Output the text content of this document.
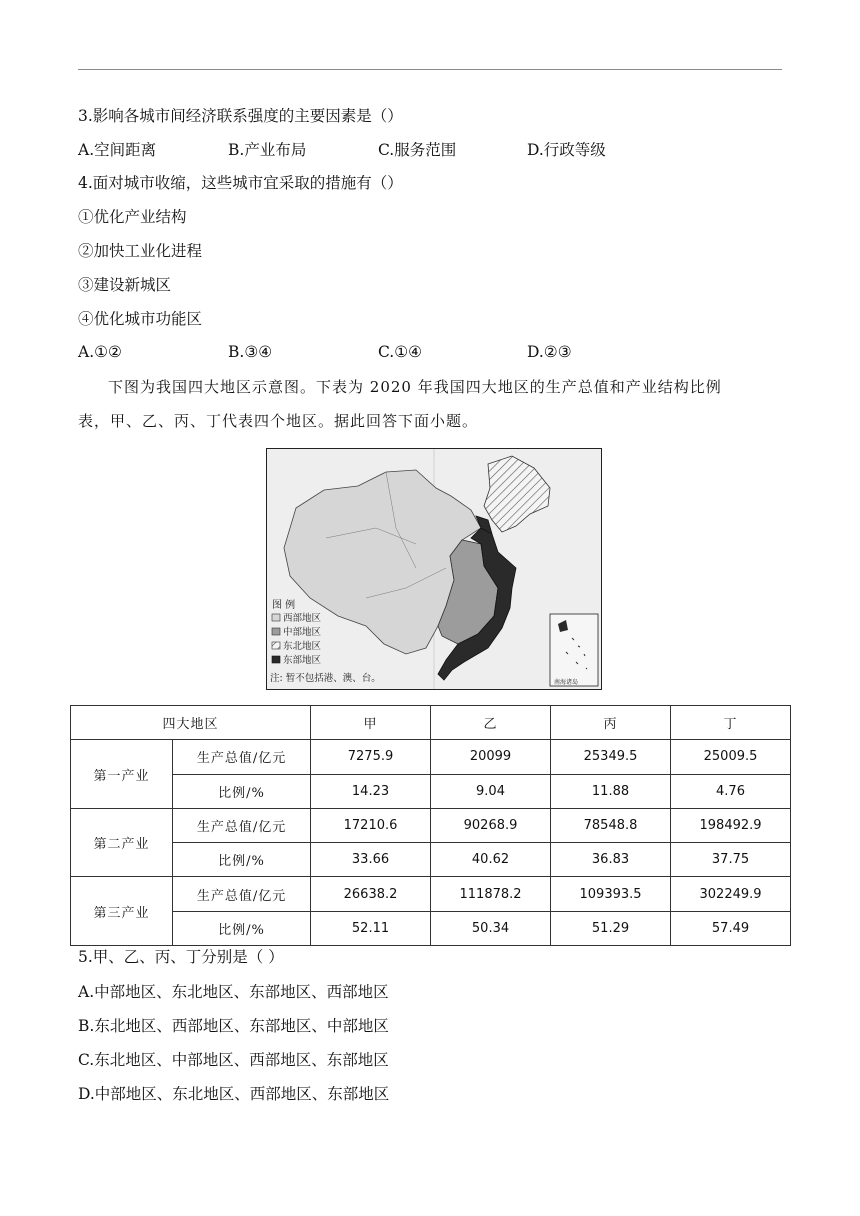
3.影响各城市间经济联系强度的主要因素是（）
A.空间距离	B.产业布局	C.服务范围	D.行政等级
4.面对城市收缩，这些城市宜采取的措施有（）
①优化产业结构
②加快工业化进程
③建设新城区
④优化城市功能区
A.①②	B.③④	C.①④	D.②③
下图为我国四大地区示意图。下表为 2020 年我国四大地区的生产总值和产业结构比例
表，甲、乙、丙、丁代表四个地区。据此回答下面小题。
图 例
西部地区
中部地区
东北地区
东部地区
注: 暂不包括港、澳、台。	南海诸岛
四大地区		甲	乙	丙	丁
第一产业	生产总值/亿元	7275.9	20099	25349.5	25009.5
	比例/%	14.23	9.04	11.88	4.76
第二产业	生产总值/亿元	17210.6	90268.9	78548.8	198492.9
	比例/%	33.66	40.62	36.83	37.75
第三产业	生产总值/亿元	26638.2	111878.2	109393.5	302249.9
	比例/%	52.11	50.34	51.29	57.49
5.甲、乙、丙、丁分别是（ ）
A.中部地区、东北地区、东部地区、西部地区
B.东北地区、西部地区、东部地区、中部地区
C.东北地区、中部地区、西部地区、东部地区
D.中部地区、东北地区、西部地区、东部地区
